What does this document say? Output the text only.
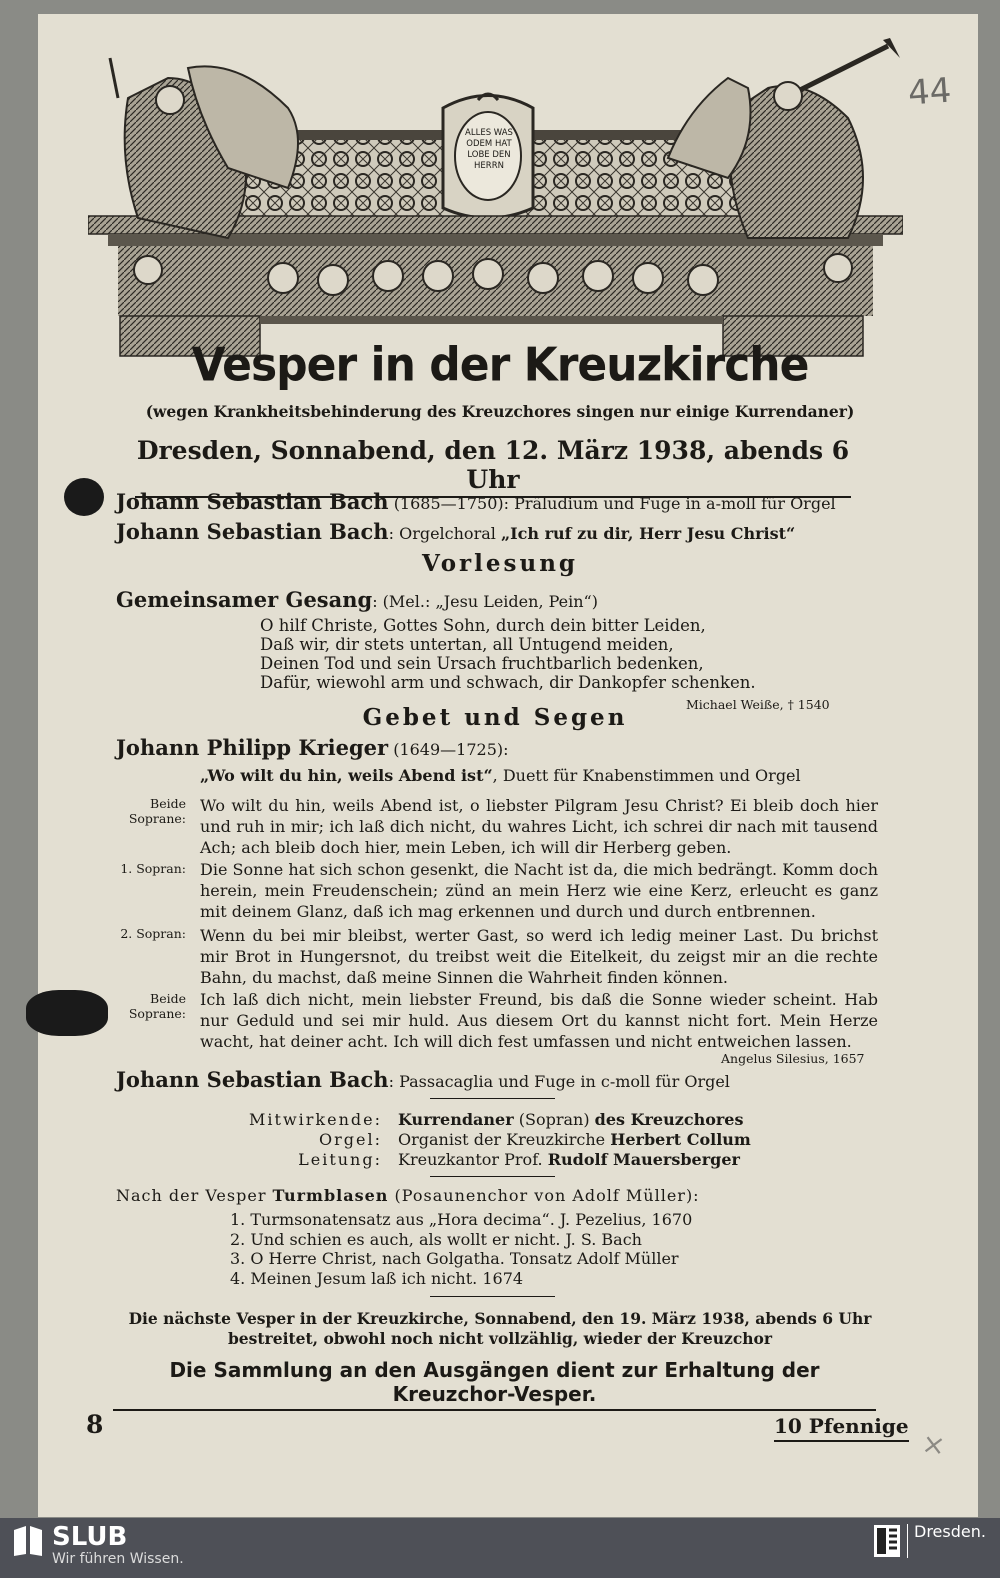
ALLES WAS ODEM HAT LOBE DEN HERRN
44
Vesper in der Kreuzkirche
(wegen Krankheitsbehinderung des Kreuzchores singen nur einige Kurrendaner)
Dresden, Sonnabend, den 12. März 1938, abends 6 Uhr
Johann Sebastian Bach (1685—1750): Präludium und Fuge in a-moll für Orgel
Johann Sebastian Bach: Orgelchoral „Ich ruf zu dir, Herr Jesu Christ“
Vorlesung
Gemeinsamer Gesang: (Mel.: „Jesu Leiden, Pein“)
O hilf Christe, Gottes Sohn, durch dein bitter Leiden,
Daß wir, dir stets untertan, all Untugend meiden,
Deinen Tod und sein Ursach fruchtbarlich bedenken,
Dafür, wiewohl arm und schwach, dir Dankopfer schenken.
Michael Weiße, † 1540
Gebet und Segen
Johann Philipp Krieger (1649—1725):
„Wo wilt du hin, weils Abend ist“, Duett für Knabenstimmen und Orgel
Beide Soprane:
Wo wilt du hin, weils Abend ist, o liebster Pilgram Jesu Christ? Ei bleib doch hier und ruh in mir; ich laß dich nicht, du wahres Licht, ich schrei dir nach mit tausend Ach; ach bleib doch hier, mein Leben, ich will dir Herberg geben.
1. Sopran: Die Sonne hat sich schon gesenkt, die Nacht ist da, die mich bedrängt. Komm doch herein, mein Freudenschein; zünd an mein Herz wie eine Kerz, erleucht es ganz mit deinem Glanz, daß ich mag erkennen und durch und durch entbrennen.
2. Sopran: Wenn du bei mir bleibst, werter Gast, so werd ich ledig meiner Last. Du brichst mir Brot in Hungersnot, du treibst weit die Eitelkeit, du zeigst mir an die rechte Bahn, du machst, daß meine Sinnen die Wahrheit finden können.
Beide Soprane:
Ich laß dich nicht, mein liebster Freund, bis daß die Sonne wieder scheint. Hab nur Geduld und sei mir huld. Aus diesem Ort du kannst nicht fort. Mein Herze wacht, hat deiner acht. Ich will dich fest umfassen und nicht entweichen lassen.
Angelus Silesius, 1657
Johann Sebastian Bach: Passacaglia und Fuge in c-moll für Orgel
Mitwirkende: Kurrendaner (Sopran) des Kreuzchores
Orgel: Organist der Kreuzkirche Herbert Collum
Leitung: Kreuzkantor Prof. Rudolf Mauersberger
Nach der Vesper Turmblasen (Posaunenchor von Adolf Müller):
1. Turmsonatensatz aus „Hora decima“. J. Pezelius, 1670
2. Und schien es auch, als wollt er nicht. J. S. Bach
3. O Herre Christ, nach Golgatha. Tonsatz Adolf Müller
4. Meinen Jesum laß ich nicht. 1674
Die nächste Vesper in der Kreuzkirche, Sonnabend, den 19. März 1938, abends 6 Uhr
bestreitet, obwohl noch nicht vollzählig, wieder der Kreuzchor
Die Sammlung an den Ausgängen dient zur Erhaltung der Kreuzchor-Vesper.
8	10 Pfennige
×
SLUB
Wir führen Wissen.
Dresden.
